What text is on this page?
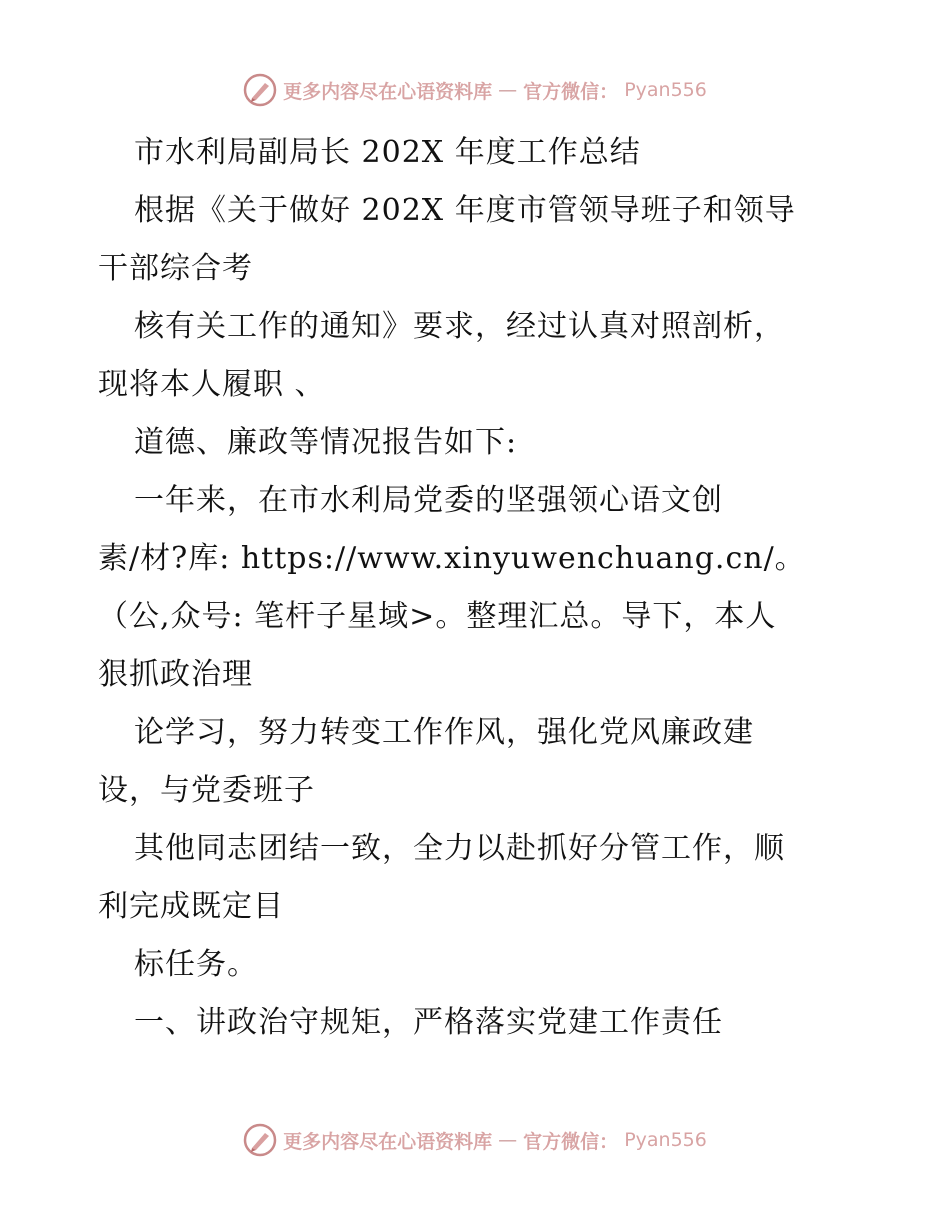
更多内容尽在心语资料库 — 官方微信： Pyan556
市水利局副局长 202X 年度工作总结
根据《关于做好 202X 年度市管领导班子和领导
干部综合考
核有关工作的通知》要求，经过认真对照剖析，
现将本人履职 、
道德、廉政等情况报告如下:
一年来，在市水利局党委的坚强领心语文创
素/材?库: https://www.xinyuwenchuang.cn/。
（公,众号: 笔杆子星域>。整理汇总。导下，本人
狠抓政治理
论学习，努力转变工作作风，强化党风廉政建
设，与党委班子
其他同志团结一致，全力以赴抓好分管工作，顺
利完成既定目
标任务。
一、讲政治守规矩，严格落实党建工作责任
更多内容尽在心语资料库 — 官方微信： Pyan556
